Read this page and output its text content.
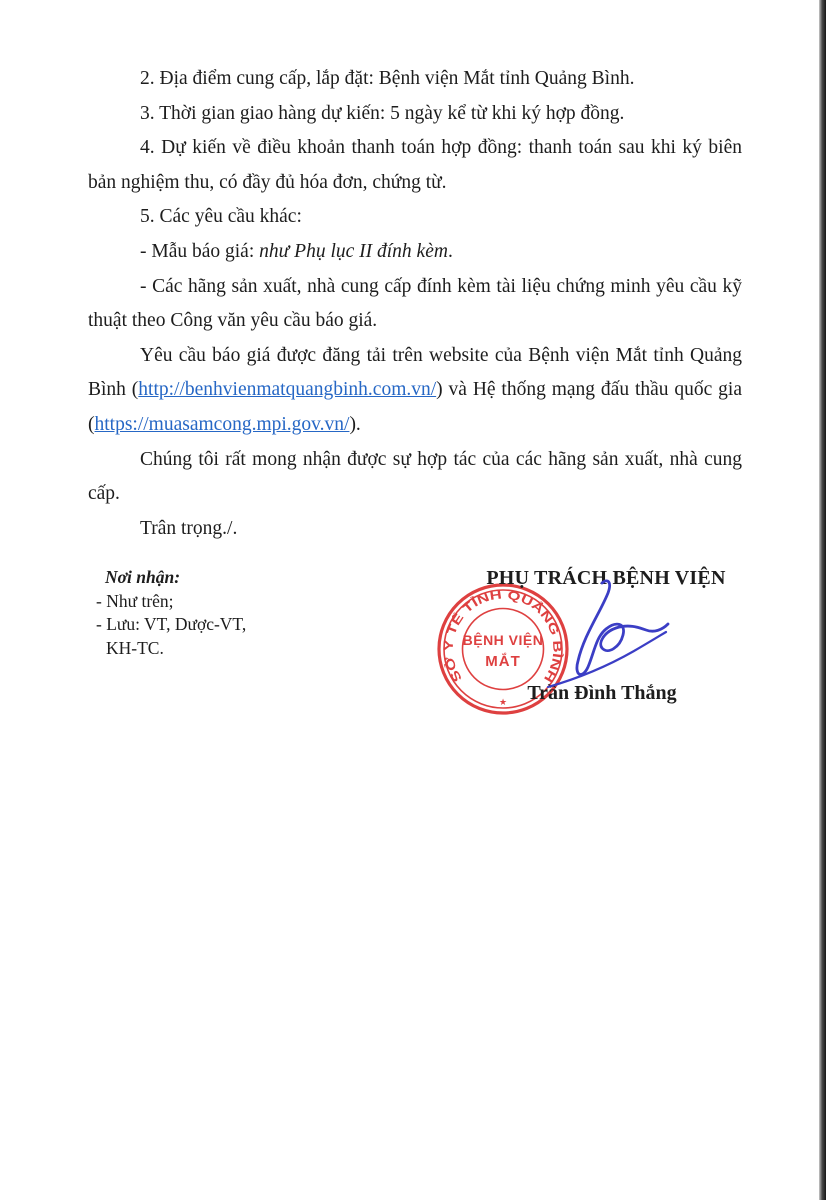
2. Địa điểm cung cấp, lắp đặt: Bệnh viện Mắt tỉnh Quảng Bình.

3. Thời gian giao hàng dự kiến: 5 ngày kể từ khi ký hợp đồng.

4. Dự kiến về điều khoản thanh toán hợp đồng: thanh toán sau khi ký biên bản nghiệm thu, có đầy đủ hóa đơn, chứng từ.

5. Các yêu cầu khác:

- Mẫu báo giá: như Phụ lục II đính kèm.

- Các hãng sản xuất, nhà cung cấp đính kèm tài liệu chứng minh yêu cầu kỹ thuật theo Công văn yêu cầu báo giá.

Yêu cầu báo giá được đăng tải trên website của Bệnh viện Mắt tỉnh Quảng Bình (http://benhvienmatquangbinh.com.vn/) và Hệ thống mạng đấu thầu quốc gia (https://muasamcong.mpi.gov.vn/).

Chúng tôi rất mong nhận được sự hợp tác của các hãng sản xuất, nhà cung cấp.

Trân trọng./.

Nơi nhận:
- Như trên;
- Lưu: VT, Dược-VT,
KH-TC.
PHỤ TRÁCH BỆNH VIỆN
SỞ Y TẾ TỈNH QUẢNG BÌNH
BỆNH VIỆN
MẮT
★	Trần Đình Thắng
